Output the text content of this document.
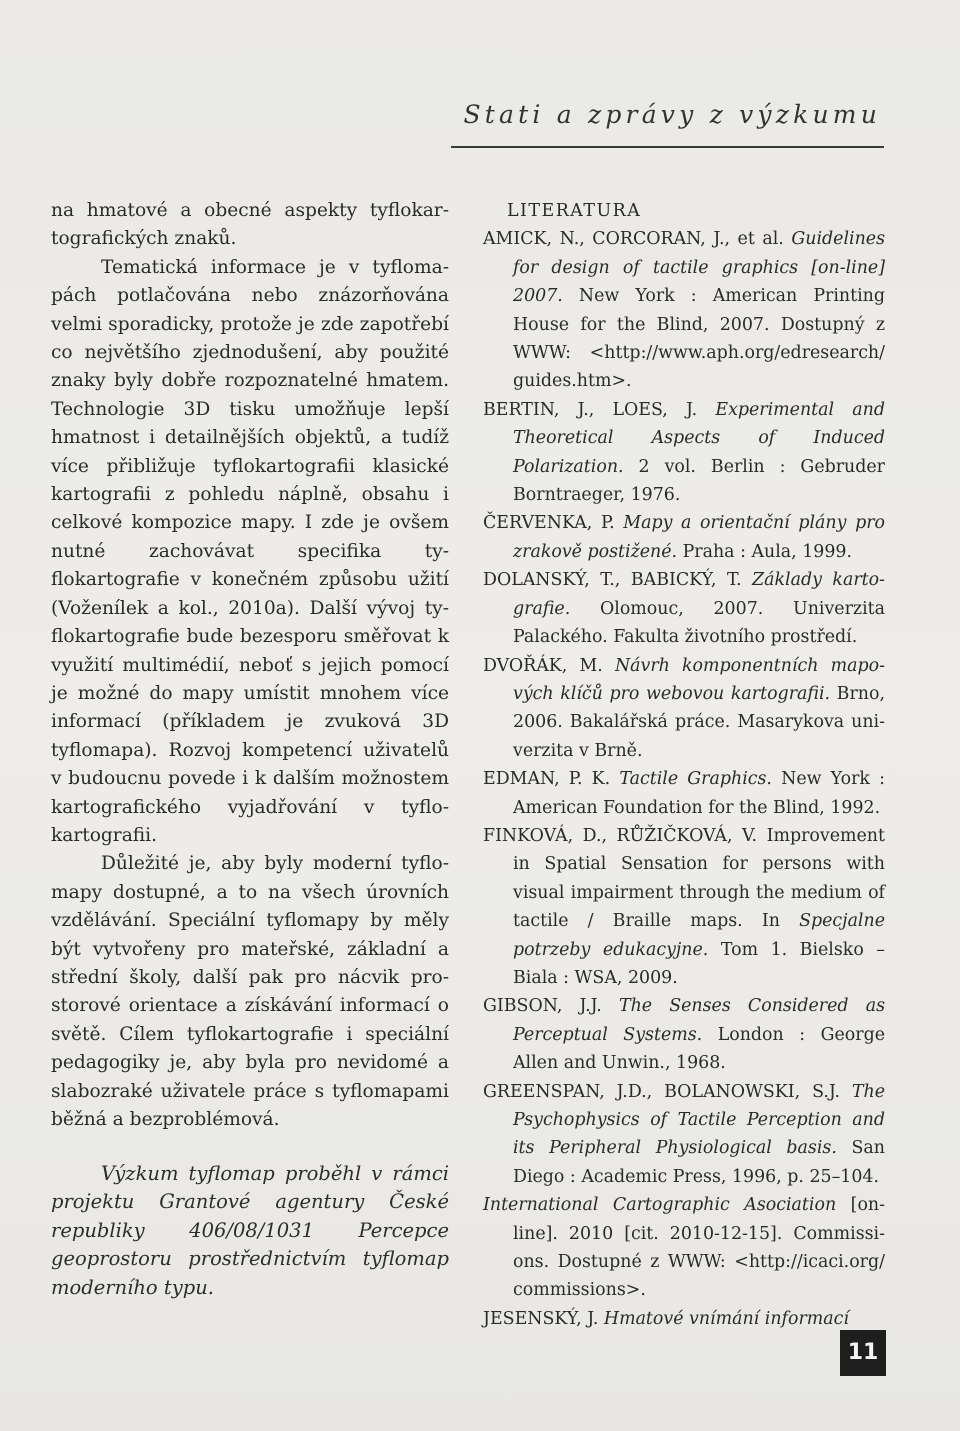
Stati a zprávy z výzkumu

na hmatové a obecné aspekty tyflokartografických znaků.

Tematická informace je v tyflomapách potlačována nebo znázorňována velmi sporadicky, protože je zde zapotřebí co největšího zjednodušení, aby použité znaky byly dobře rozpoznatelné hmatem. Technologie 3D tisku umožňuje lepší hmatnost i detailnějších objektů, a tudíž více přibližuje tyflokartografii klasické kartografii z pohledu náplně, obsahu i celkové kompozice mapy. I zde je ovšem nutné zachovávat specifika tyflokartografie v konečném způsobu užití (Voženílek a kol., 2010a). Další vývoj tyflokartografie bude bezesporu směřovat k využití multimédií, neboť s jejich pomocí je možné do mapy umístit mnohem více informací (příkladem je zvuková 3D tyflomapa). Rozvoj kompetencí uživatelů v budoucnu povede i k dalším možnostem kartografického vyjadřování v tyflokartografii.

Důležité je, aby byly moderní tyflomapy dostupné, a to na všech úrovních vzdělávání. Speciální tyflomapy by měly být vytvořeny pro mateřské, základní a střední školy, další pak pro nácvik prostorové orientace a získávání informací o světě. Cílem tyflokartografie i speciální pedagogiky je, aby byla pro nevidomé a slabozraké uživatele práce s tyflomapami běžná a bezproblémová.

Výzkum tyflomap proběhl v rámci projektu Grantové agentury České republiky 406/08/1031 Percepce geoprostoru prostřednictvím tyflomap moderního typu.

LITERATURA

AMICK, N., CORCORAN, J., et al. Guidelines for design of tactile graphics [on-line] 2007. New York : American Printing House for the Blind, 2007. Dostupný z WWW: <http://www.aph.org/edresearch/ guides.htm>.

BERTIN, J., LOES, J. Experimental and Theoretical Aspects of Induced Polarization. 2 vol. Berlin : Gebruder Borntraeger, 1976.

ČERVENKA, P. Mapy a orientační plány pro zrakově postižené. Praha : Aula, 1999.

DOLANSKÝ, T., BABICKÝ, T. Základy kartografie. Olomouc, 2007. Univerzita Palackého. Fakulta životního prostředí.

DVOŘÁK, M. Návrh komponentních mapových klíčů pro webovou kartografii. Brno, 2006. Bakalářská práce. Masarykova univerzita v Brně.

EDMAN, P. K. Tactile Graphics. New York : American Foundation for the Blind, 1992.

FINKOVÁ, D., RŮŽIČKOVÁ, V. Improvement in Spatial Sensation for persons with visual impairment through the medium of tactile / Braille maps. In Specjalne potrzeby edukacyjne. Tom 1. Bielsko – Biala : WSA, 2009.

GIBSON, J.J. The Senses Considered as Perceptual Systems. London : George Allen and Unwin., 1968.

GREENSPAN, J.D., BOLANOWSKI, S.J. The Psychophysics of Tactile Perception and its Peripheral Physiological basis. San Diego : Academic Press, 1996, p. 25–104.

International Cartographic Asociation [on-line]. 2010 [cit. 2010-12-15]. Commissions. Dostupné z WWW: <http://icaci.org/ commissions>.

JESENSKÝ, J. Hmatové vnímání informací

11
